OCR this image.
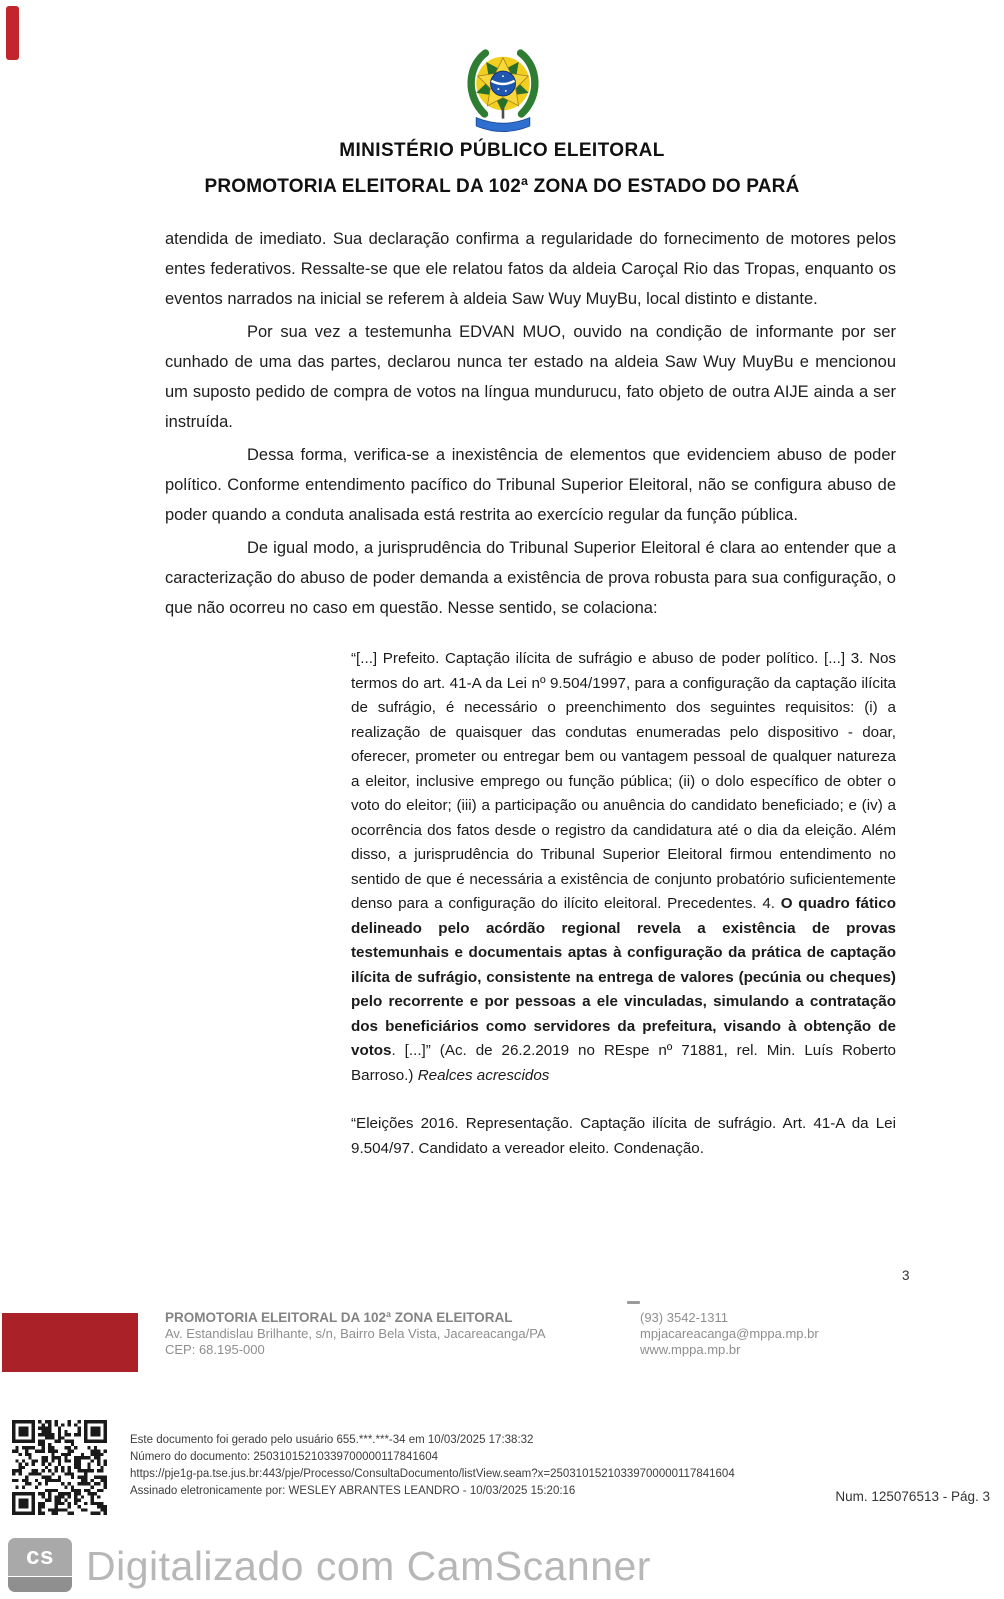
MINISTÉRIO PÚBLICO ELEITORAL
PROMOTORIA ELEITORAL DA 102ª ZONA DO ESTADO DO PARÁ

atendida de imediato. Sua declaração confirma a regularidade do fornecimento de motores pelos entes federativos. Ressalte-se que ele relatou fatos da aldeia Caroçal Rio das Tropas, enquanto os eventos narrados na inicial se referem à aldeia Saw Wuy MuyBu, local distinto e distante.

Por sua vez a testemunha EDVAN MUO, ouvido na condição de informante por ser cunhado de uma das partes, declarou nunca ter estado na aldeia Saw Wuy MuyBu e mencionou um suposto pedido de compra de votos na língua mundurucu, fato objeto de outra AIJE ainda a ser instruída.

Dessa forma, verifica-se a inexistência de elementos que evidenciem abuso de poder político. Conforme entendimento pacífico do Tribunal Superior Eleitoral, não se configura abuso de poder quando a conduta analisada está restrita ao exercício regular da função pública.

De igual modo, a jurisprudência do Tribunal Superior Eleitoral é clara ao entender que a caracterização do abuso de poder demanda a existência de prova robusta para sua configuração, o que não ocorreu no caso em questão. Nesse sentido, se colaciona:

“[...] Prefeito. Captação ilícita de sufrágio e abuso de poder político. [...] 3. Nos termos do art. 41-A da Lei nº 9.504/1997, para a configuração da captação ilícita de sufrágio, é necessário o preenchimento dos seguintes requisitos: (i) a realização de quaisquer das condutas enumeradas pelo dispositivo - doar, oferecer, prometer ou entregar bem ou vantagem pessoal de qualquer natureza a eleitor, inclusive emprego ou função pública; (ii) o dolo específico de obter o voto do eleitor; (iii) a participação ou anuência do candidato beneficiado; e (iv) a ocorrência dos fatos desde o registro da candidatura até o dia da eleição. Além disso, a jurisprudência do Tribunal Superior Eleitoral firmou entendimento no sentido de que é necessária a existência de conjunto probatório suficientemente denso para a configuração do ilícito eleitoral. Precedentes. 4. O quadro fático delineado pelo acórdão regional revela a existência de provas testemunhais e documentais aptas à configuração da prática de captação ilícita de sufrágio, consistente na entrega de valores (pecúnia ou cheques) pelo recorrente e por pessoas a ele vinculadas, simulando a contratação dos beneficiários como servidores da prefeitura, visando à obtenção de votos. [...]” (Ac. de 26.2.2019 no REspe nº 71881, rel. Min. Luís Roberto Barroso.) Realces acrescidos

“Eleições 2016. Representação. Captação ilícita de sufrágio. Art. 41-A da Lei 9.504/97. Candidato a vereador eleito. Condenação.

3
PROMOTORIA ELEITORAL DA 102ª ZONA ELEITORAL
Av. Estandislau Brilhante, s/n, Bairro Bela Vista, Jacareacanga/PA
CEP: 68.195-000
(93) 3542-1311
mpjacareacanga@mppa.mp.br
www.mppa.mp.br
Este documento foi gerado pelo usuário 655.***.***-34 em 10/03/2025 17:38:32
Número do documento: 25031015210339700000117841604
https://pje1g-pa.tse.jus.br:443/pje/Processo/ConsultaDocumento/listView.seam?x=25031015210339700000117841604
Assinado eletronicamente por: WESLEY ABRANTES LEANDRO - 10/03/2025 15:20:16	Num. 125076513 - Pág. 3
cs Digitalizado com CamScanner
